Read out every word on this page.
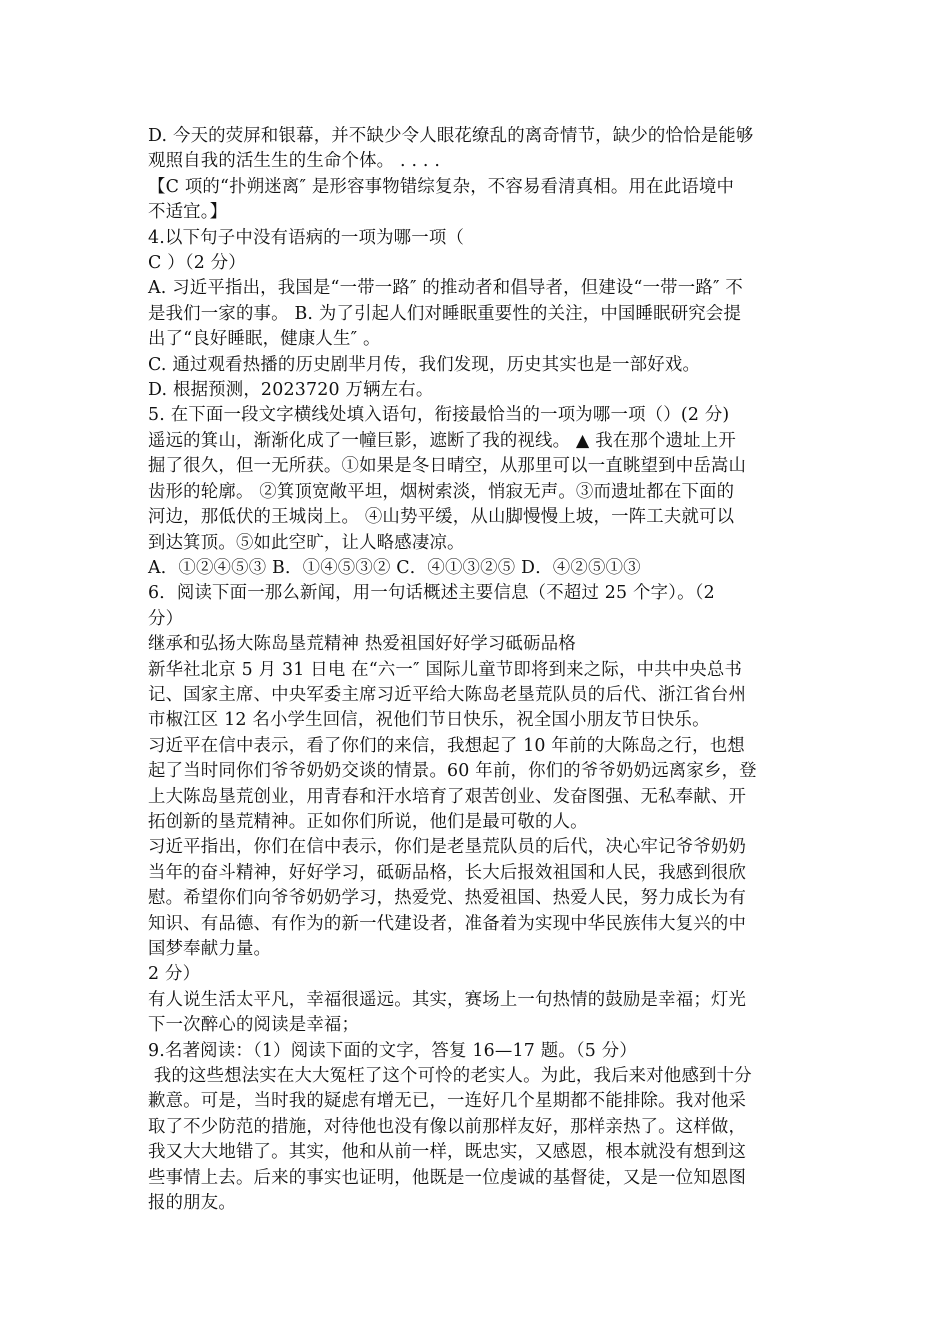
D. 今天的荧屏和银幕，并不缺少令人眼花缭乱的离奇情节，缺少的恰恰是能够
观照自我的活生生的生命个体。 . . . .
【C 项的“扑朔迷离″ 是形容事物错综复杂，不容易看清真相。用在此语境中
不适宜。】
4.以下句子中没有语病的一项为哪一项（
C ）（2 分）
A. 习近平指出，我国是“一带一路″ 的推动者和倡导者，但建设“一带一路″ 不
是我们一家的事。 B. 为了引起人们对睡眠重要性的关注，中国睡眠研究会提
出了“良好睡眠，健康人生″ 。
C. 通过观看热播的历史剧芈月传，我们发现，历史其实也是一部好戏。
D. 根据预测，2023720 万辆左右。
5. 在下面一段文字横线处填入语句，衔接最恰当的一项为哪一项（）(2 分)
遥远的箕山，渐渐化成了一幢巨影，遮断了我的视线。 ▲ 我在那个遗址上开
掘了很久，但一无所获。①如果是冬日晴空，从那里可以一直眺望到中岳嵩山
齿形的轮廓。 ②箕顶宽敞平坦，烟树索淡，悄寂无声。③而遗址都在下面的
河边，那低伏的王城岗上。 ④山势平缓，从山脚慢慢上坡，一阵工夫就可以
到达箕顶。⑤如此空旷，让人略感凄凉。
A．①②④⑤③ B．①④⑤③② C．④①③②⑤ D．④②⑤①③
6．阅读下面一那么新闻，用一句话概述主要信息（不超过 25 个字）。（2
分）
继承和弘扬大陈岛垦荒精神 热爱祖国好好学习砥砺品格
新华社北京 5 月 31 日电 在“六一″ 国际儿童节即将到来之际，中共中央总书
记、国家主席、中央军委主席习近平给大陈岛老垦荒队员的后代、浙江省台州
市椒江区 12 名小学生回信，祝他们节日快乐，祝全国小朋友节日快乐。
习近平在信中表示，看了你们的来信，我想起了 10 年前的大陈岛之行，也想
起了当时同你们爷爷奶奶交谈的情景。60 年前，你们的爷爷奶奶远离家乡，登
上大陈岛垦荒创业，用青春和汗水培育了艰苦创业、发奋图强、无私奉献、开
拓创新的垦荒精神。正如你们所说，他们是最可敬的人。
习近平指出，你们在信中表示，你们是老垦荒队员的后代，决心牢记爷爷奶奶
当年的奋斗精神，好好学习，砥砺品格，长大后报效祖国和人民，我感到很欣
慰。希望你们向爷爷奶奶学习，热爱党、热爱祖国、热爱人民，努力成长为有
知识、有品德、有作为的新一代建设者，准备着为实现中华民族伟大复兴的中
国梦奉献力量。
2 分）
有人说生活太平凡，幸福很遥远。其实，赛场上一句热情的鼓励是幸福；灯光
下一次醉心的阅读是幸福；
9.名著阅读：（1）阅读下面的文字，答复 16—17 题。（5 分）
我的这些想法实在大大冤枉了这个可怜的老实人。为此，我后来对他感到十分
歉意。可是，当时我的疑虑有增无已，一连好几个星期都不能排除。我对他采
取了不少防范的措施，对待他也没有像以前那样友好，那样亲热了。这样做，
我又大大地错了。其实，他和从前一样，既忠实，又感恩，根本就没有想到这
些事情上去。后来的事实也证明，他既是一位虔诚的基督徒，又是一位知恩图
报的朋友。
